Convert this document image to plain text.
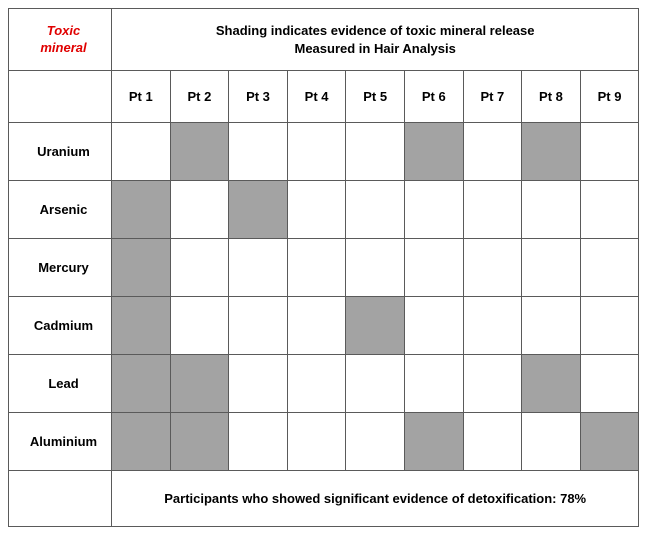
Toxic
mineral	Shading indicates evidence of toxic mineral release
Measured in Hair Analysis								
	Pt 1	Pt 2	Pt 3	Pt 4	Pt 5	Pt 6	Pt 7	Pt 8	Pt 9
Uranium									
Arsenic									
Mercury									
Cadmium									
Lead									
Aluminium									
	Participants who showed significant evidence of detoxification: 78%								
